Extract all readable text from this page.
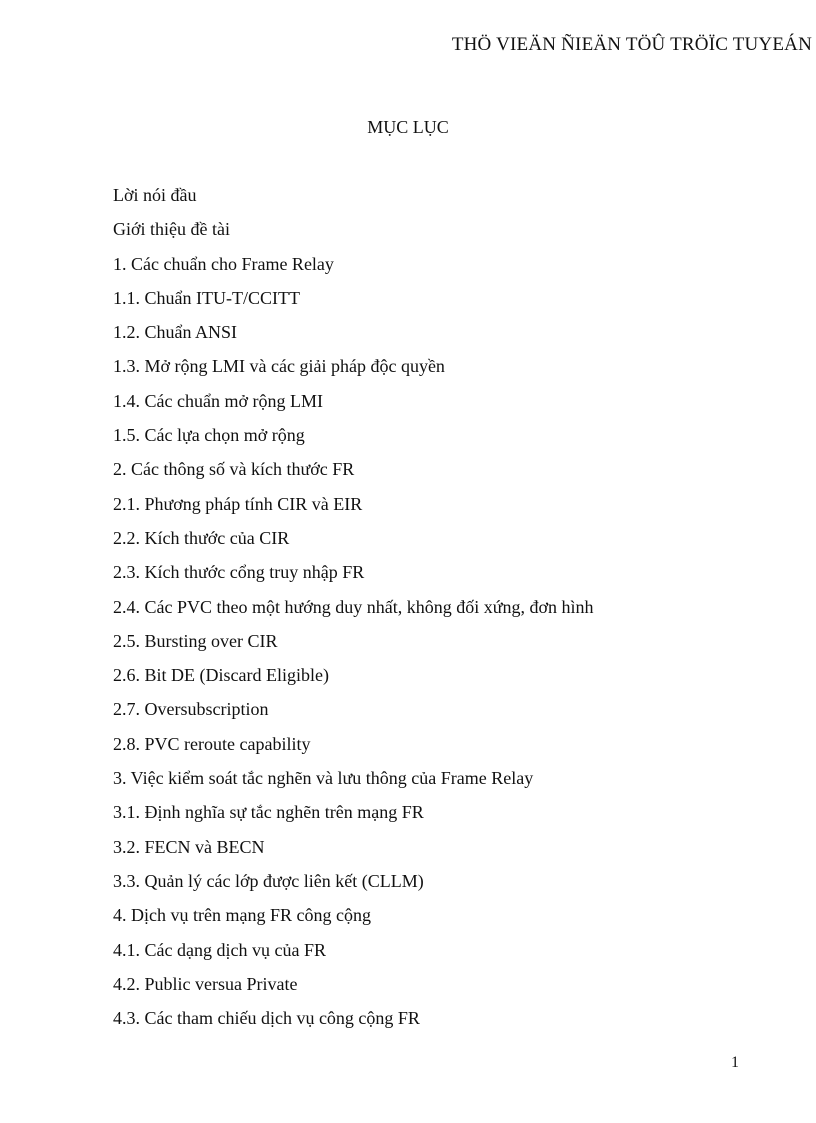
THÖ VIEÄN ÑIEÄN TÖÛ TRÖÏC TUYEÁN
MỤC LỤC
Lời nói đầu
Giới thiệu đề tài
1. Các chuẩn cho Frame Relay
1.1. Chuẩn ITU-T/CCITT
1.2. Chuẩn ANSI
1.3. Mở rộng LMI và các giải pháp độc quyền
1.4. Các chuẩn mở rộng LMI
1.5. Các lựa chọn mở rộng
2. Các thông số và kích thước FR
2.1. Phương pháp tính CIR và EIR
2.2. Kích thước của CIR
2.3. Kích thước cổng truy nhập FR
2.4. Các PVC theo một hướng duy nhất, không đối xứng, đơn hình
2.5. Bursting over CIR
2.6. Bit DE (Discard Eligible)
2.7. Oversubscription
2.8. PVC reroute capability
3. Việc kiểm soát tắc nghẽn và lưu thông của Frame Relay
3.1. Định nghĩa sự tắc nghẽn trên mạng FR
3.2. FECN và BECN
3.3. Quản lý các lớp được liên kết (CLLM)
4. Dịch vụ trên mạng FR công cộng
4.1. Các dạng dịch vụ của FR
4.2. Public versua Private
4.3. Các tham chiếu dịch vụ công cộng FR
1
